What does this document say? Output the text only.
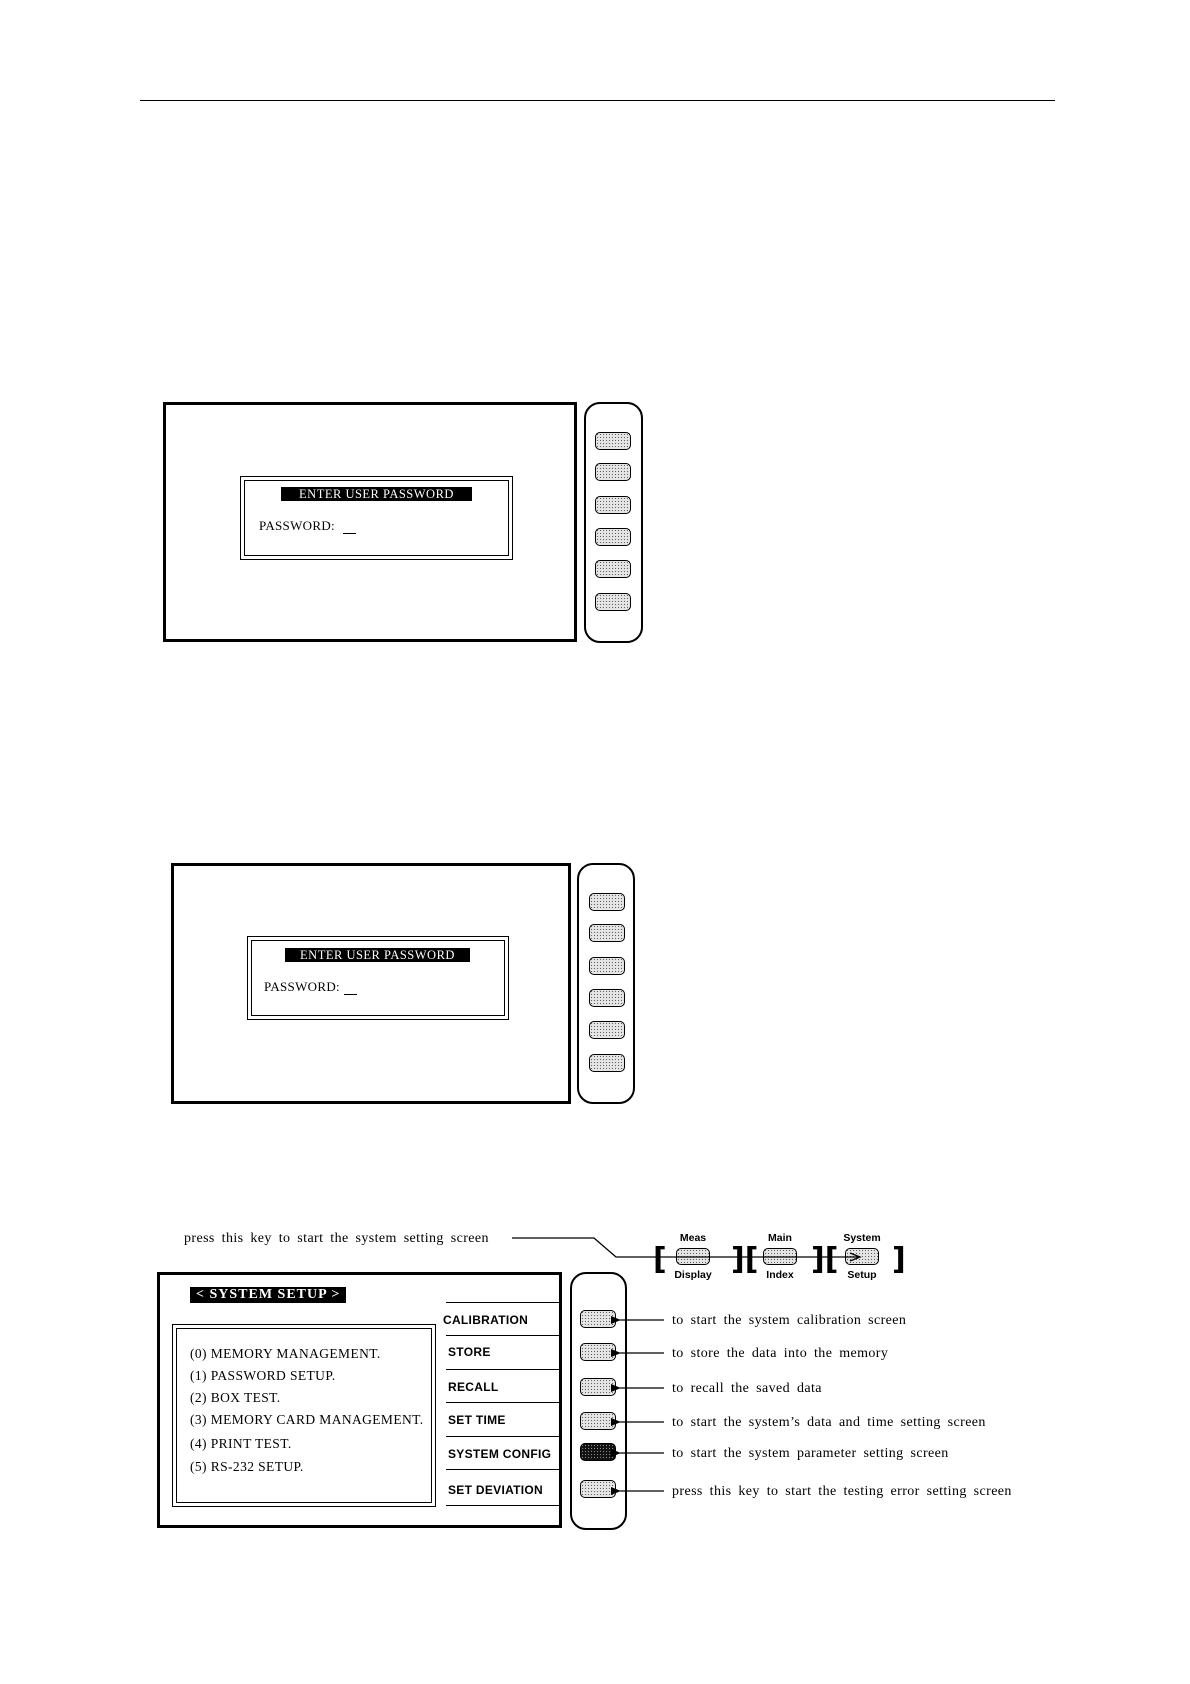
ENTER USER PASSWORD
PASSWORD:
ENTER USER PASSWORD
PASSWORD:
press this key to start the system setting screen
[ ][ ][ ]
Meas
Display
Main
Index
System
Setup
< SYSTEM SETUP >
(0) MEMORY MANAGEMENT.
(1) PASSWORD SETUP.
(2) BOX TEST.
(3) MEMORY CARD MANAGEMENT.
(4) PRINT TEST.
(5) RS-232 SETUP.
CALIBRATION
STORE
RECALL
SET TIME
SYSTEM CONFIG
SET DEVIATION
to start the system calibration screen
to store the data into the memory
to recall the saved data
to start the system’s data and time setting screen
to start the system parameter setting screen
press this key to start the testing error setting screen
